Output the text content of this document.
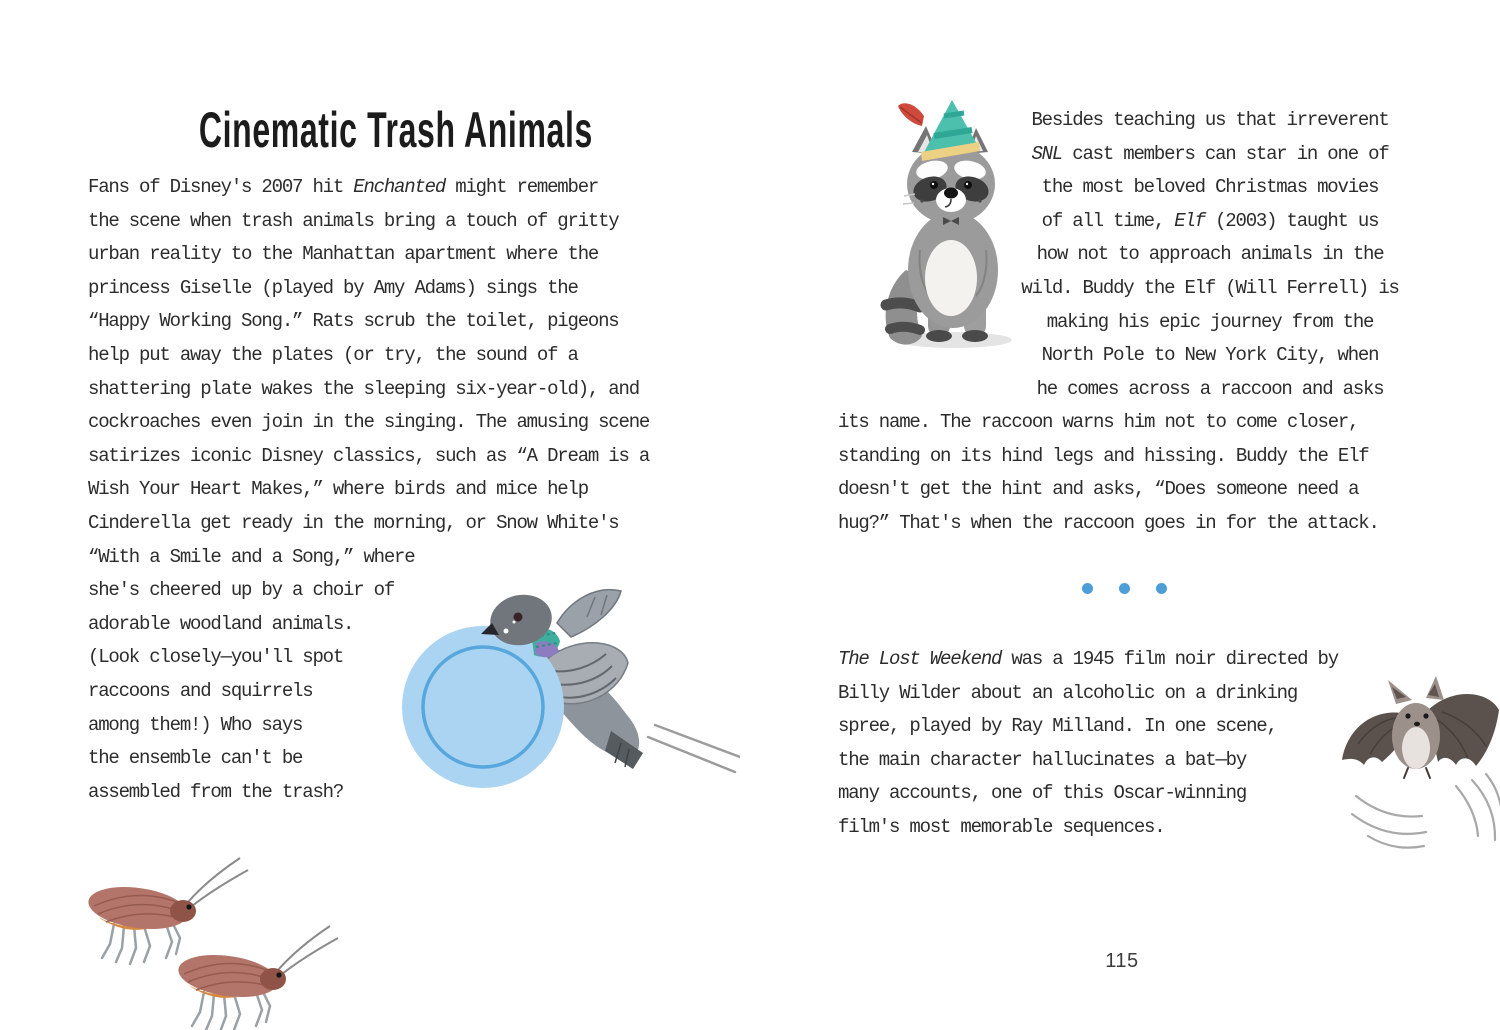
Cinematic Trash Animals
Fans of Disney's 2007 hit Enchanted might remember
the scene when trash animals bring a touch of gritty
urban reality to the Manhattan apartment where the
princess Giselle (played by Amy Adams) sings the
“Happy Working Song.” Rats scrub the toilet, pigeons
help put away the plates (or try, the sound of a
shattering plate wakes the sleeping six-year-old), and
cockroaches even join in the singing. The amusing scene
satirizes iconic Disney classics, such as “A Dream is a
Wish Your Heart Makes,” where birds and mice help
Cinderella get ready in the morning, or Snow White's
“With a Smile and a Song,” where
she's cheered up by a choir of
adorable woodland animals.
(Look closely—you'll spot
raccoons and squirrels
among them!) Who says
the ensemble can't be
assembled from the trash?
Besides teaching us that irreverent
SNL cast members can star in one of
the most beloved Christmas movies
of all time, Elf (2003) taught us
how not to approach animals in the
wild. Buddy the Elf (Will Ferrell) is
making his epic journey from the
North Pole to New York City, when
he comes across a raccoon and asks
its name. The raccoon warns him not to come closer,
standing on its hind legs and hissing. Buddy the Elf
doesn't get the hint and asks, “Does someone need a
hug?” That's when the raccoon goes in for the attack.
The Lost Weekend was a 1945 film noir directed by
Billy Wilder about an alcoholic on a drinking
spree, played by Ray Milland. In one scene,
the main character hallucinates a bat—by
many accounts, one of this Oscar-winning
film's most memorable sequences.
115
